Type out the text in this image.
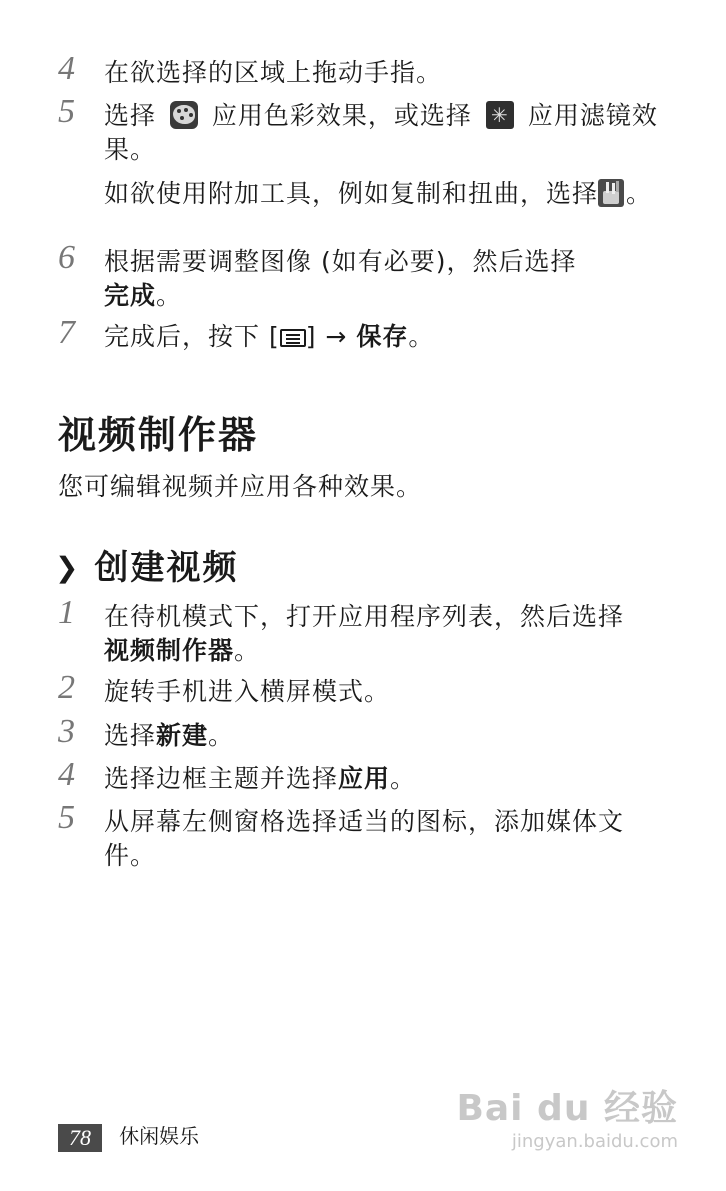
4 在欲选择的区域上拖动手指。
5 选择 应用色彩效果，或选择 ✳ 应用滤镜效果。
如欲使用附加工具，例如复制和扭曲，选择 。
6 根据需要调整图像 (如有必要)，然后选择
完成。
7 完成后，按下 [ ] → 保存。
视频制作器
您可编辑视频并应用各种效果。
❯ 创建视频
1 在待机模式下，打开应用程序列表，然后选择
视频制作器。
2 旋转手机进入横屏模式。
3 选择新建。
4 选择边框主题并选择应用。
5 从屏幕左侧窗格选择适当的图标，添加媒体文件。
78 休闲娱乐
Bai du 经验
jingyan.baidu.com
